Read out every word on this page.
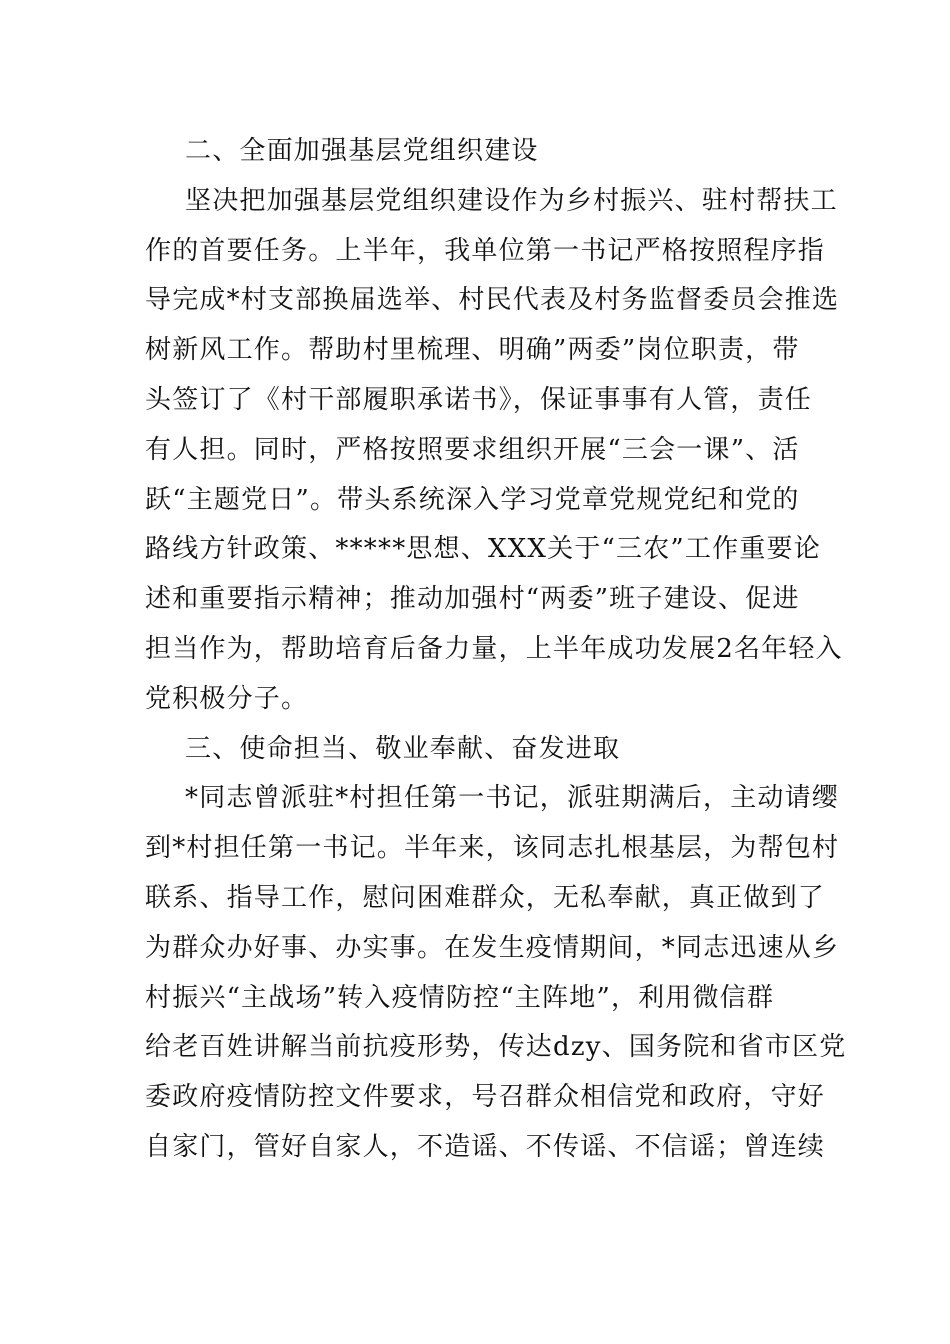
二、全面加强基层党组织建设
坚决把加强基层党组织建设作为乡村振兴、驻村帮扶工
作的首要任务。上半年，我单位第一书记严格按照程序指
导完成*村支部换届选举、村民代表及村务监督委员会推选
树新风工作。帮助村里梳理、明确”两委”岗位职责，带
头签订了《村干部履职承诺书》，保证事事有人管，责任
有人担。同时，严格按照要求组织开展“三会一课”、活
跃“主题党日”。带头系统深入学习党章党规党纪和党的
路线方针政策、*****思想、XXX关于“三农”工作重要论
述和重要指示精神；推动加强村“两委”班子建设、促进
担当作为，帮助培育后备力量，上半年成功发展2名年轻入
党积极分子。
三、使命担当、敬业奉献、奋发进取
*同志曾派驻*村担任第一书记，派驻期满后，主动请缨
到*村担任第一书记。半年来，该同志扎根基层，为帮包村
联系、指导工作，慰问困难群众，无私奉献，真正做到了
为群众办好事、办实事。在发生疫情期间，*同志迅速从乡
村振兴“主战场”转入疫情防控“主阵地”，利用微信群
给老百姓讲解当前抗疫形势，传达dzy、国务院和省市区党
委政府疫情防控文件要求，号召群众相信党和政府，守好
自家门，管好自家人，不造谣、不传谣、不信谣；曾连续
